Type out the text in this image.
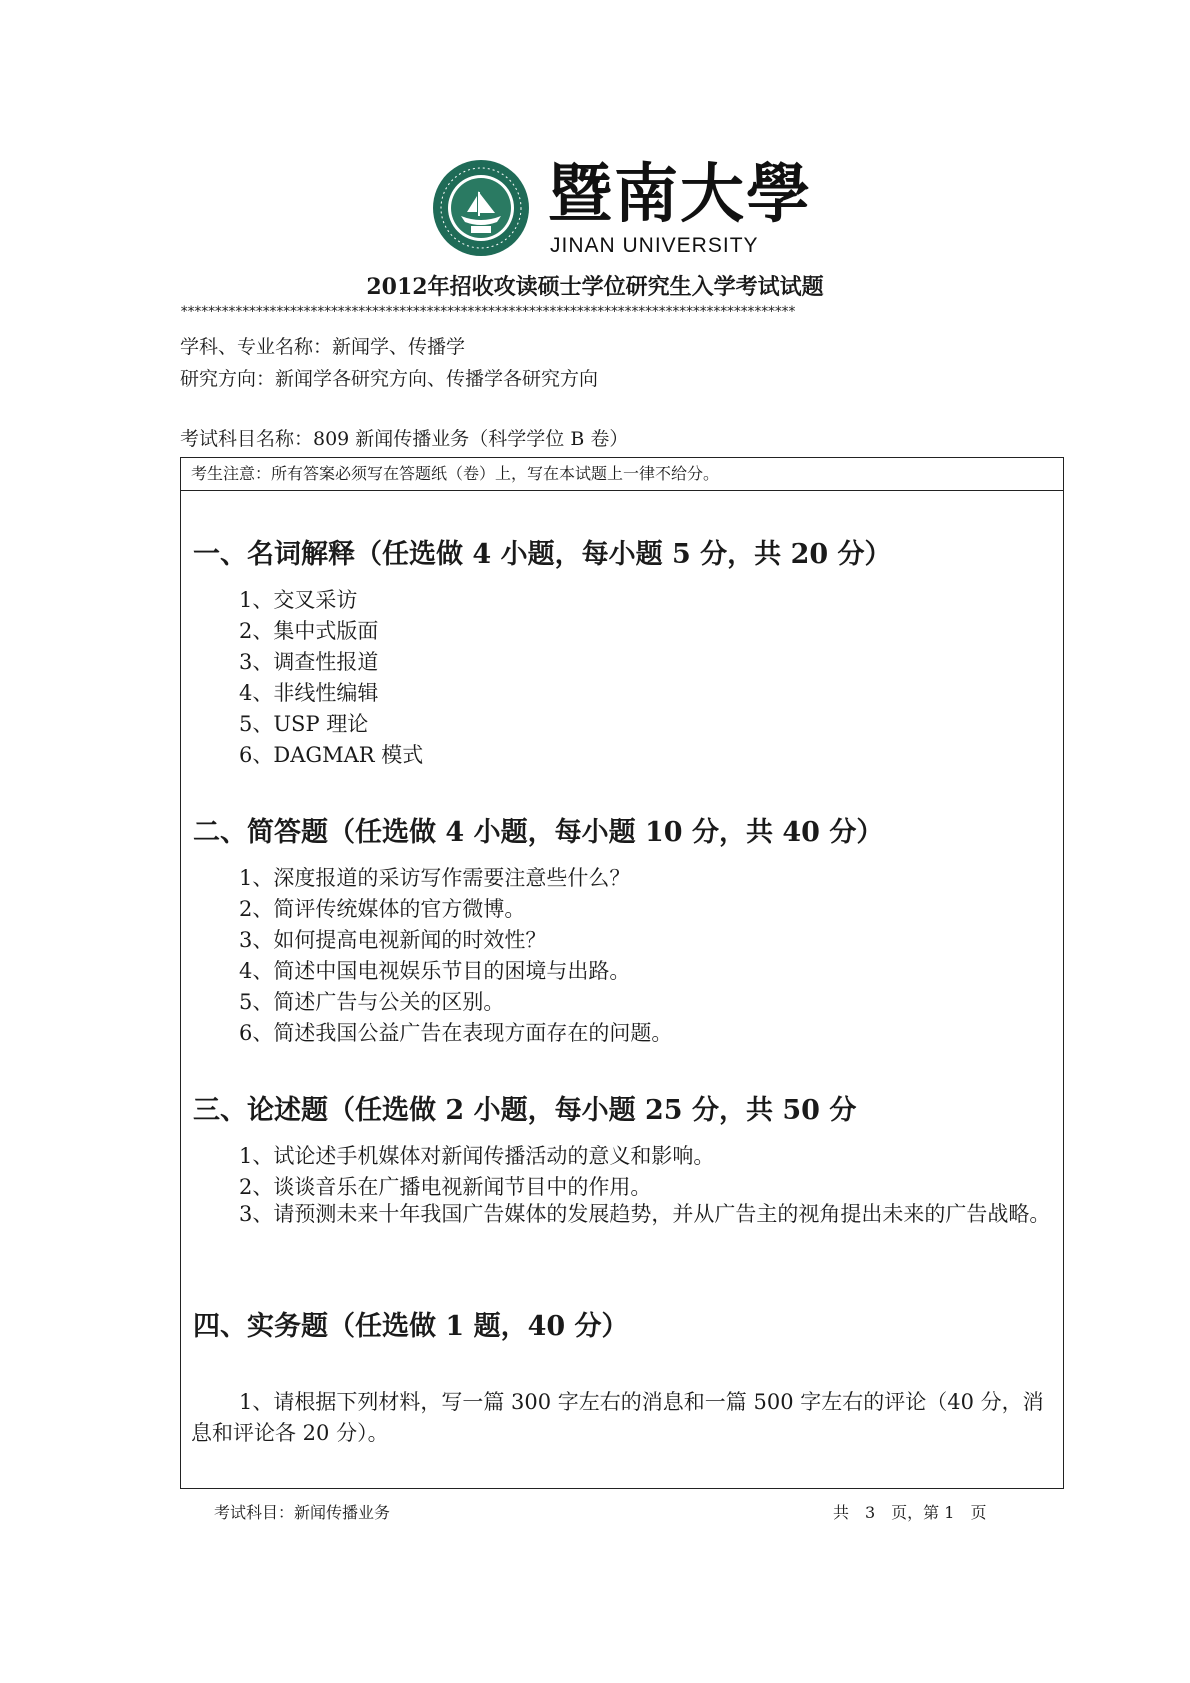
暨南大學
JINAN UNIVERSITY
2012年招收攻读硕士学位研究生入学考试试题
******************************************************************************************
学科、专业名称：新闻学、传播学
研究方向：新闻学各研究方向、传播学各研究方向
考试科目名称：809 新闻传播业务（科学学位 B 卷）
考生注意：所有答案必须写在答题纸（卷）上，写在本试题上一律不给分。
一、名词解释（任选做 4 小题，每小题 5 分，共 20 分）
1、交叉采访
2、集中式版面
3、调查性报道
4、非线性编辑
5、USP 理论
6、DAGMAR 模式
二、简答题（任选做 4 小题，每小题 10 分，共 40 分）
1、深度报道的采访写作需要注意些什么？
2、简评传统媒体的官方微博。
3、如何提高电视新闻的时效性？
4、简述中国电视娱乐节目的困境与出路。
5、简述广告与公关的区别。
6、简述我国公益广告在表现方面存在的问题。
三、论述题（任选做 2 小题，每小题 25 分，共 50 分
1、试论述手机媒体对新闻传播活动的意义和影响。
2、谈谈音乐在广播电视新闻节目中的作用。
3、请预测未来十年我国广告媒体的发展趋势，并从广告主的视角提出未来的广告战略。
四、实务题（任选做 1 题，40 分）
1、请根据下列材料，写一篇 300 字左右的消息和一篇 500 字左右的评论（40 分，消息和评论各 20 分）。
考试科目：新闻传播业务	共　3　页，第 1　页
